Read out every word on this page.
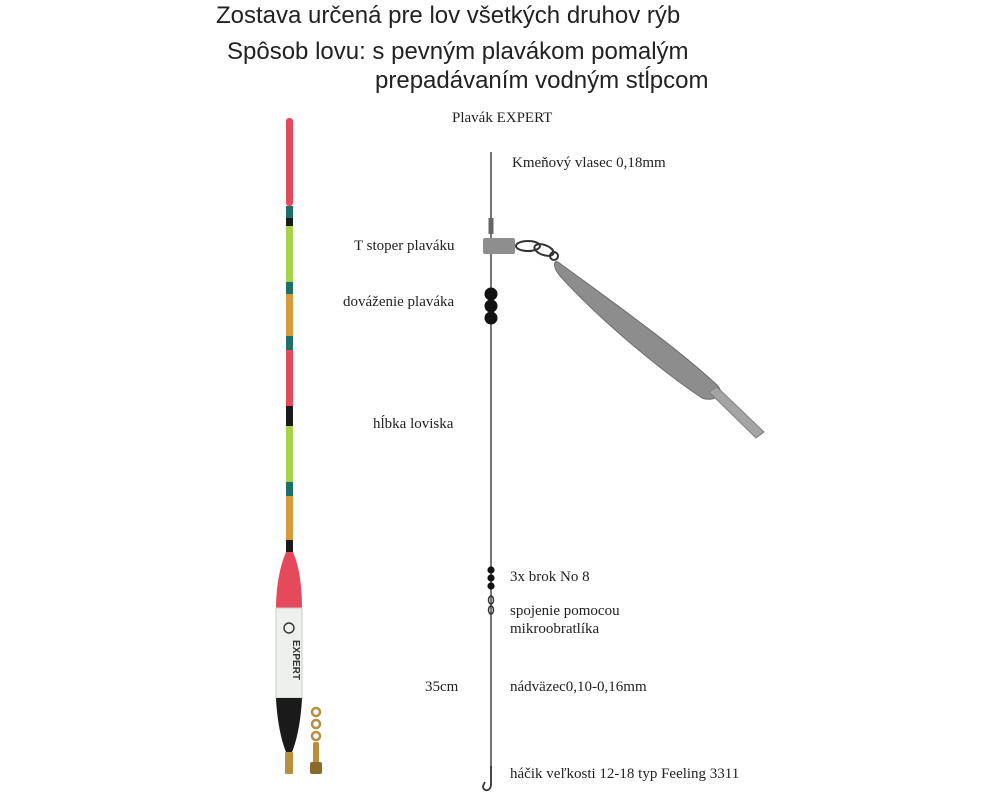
Zostava určená pre lov všetkých druhov rýb
Spôsob lovu: s pevným plavákom pomalým
prepadávaním vodným stĺpcom
EXPERT
Plavák EXPERT
Kmeňový vlasec 0,18mm
T stoper plaváku
dováženie plaváka
hĺbka loviska
3x brok No 8
spojenie pomocou
mikroobratlíka
35cm	nádväzec0,10-0,16mm
háčik veľkosti 12-18 typ Feeling 3311
